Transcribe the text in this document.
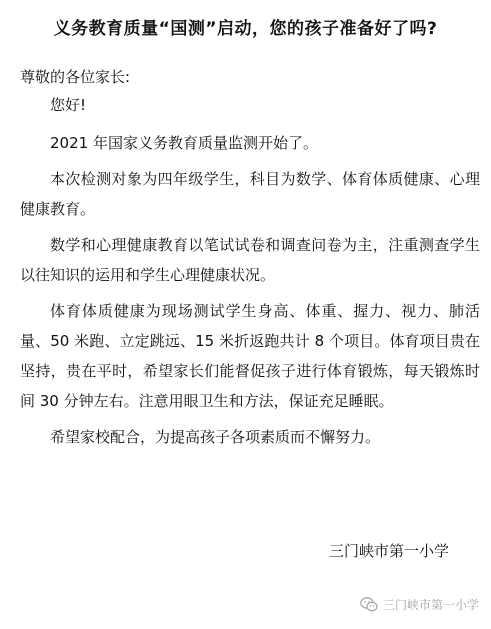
义务教育质量“国测”启动，您的孩子准备好了吗?
尊敬的各位家长:

您好!

2021 年国家义务教育质量监测开始了。

本次检测对象为四年级学生，科目为数学、体育体质健康、心理健康教育。

数学和心理健康教育以笔试试卷和调查问卷为主，注重测查学生以往知识的运用和学生心理健康状况。

体育体质健康为现场测试学生身高、体重、握力、视力、肺活量、50 米跑、立定跳远、15 米折返跑共计 8 个项目。体育项目贵在坚持，贵在平时，希望家长们能督促孩子进行体育锻炼，每天锻炼时间 30 分钟左右。注意用眼卫生和方法，保证充足睡眠。

希望家校配合，为提高孩子各项素质而不懈努力。

三门峡市第一小学
三门峡市第一小学
